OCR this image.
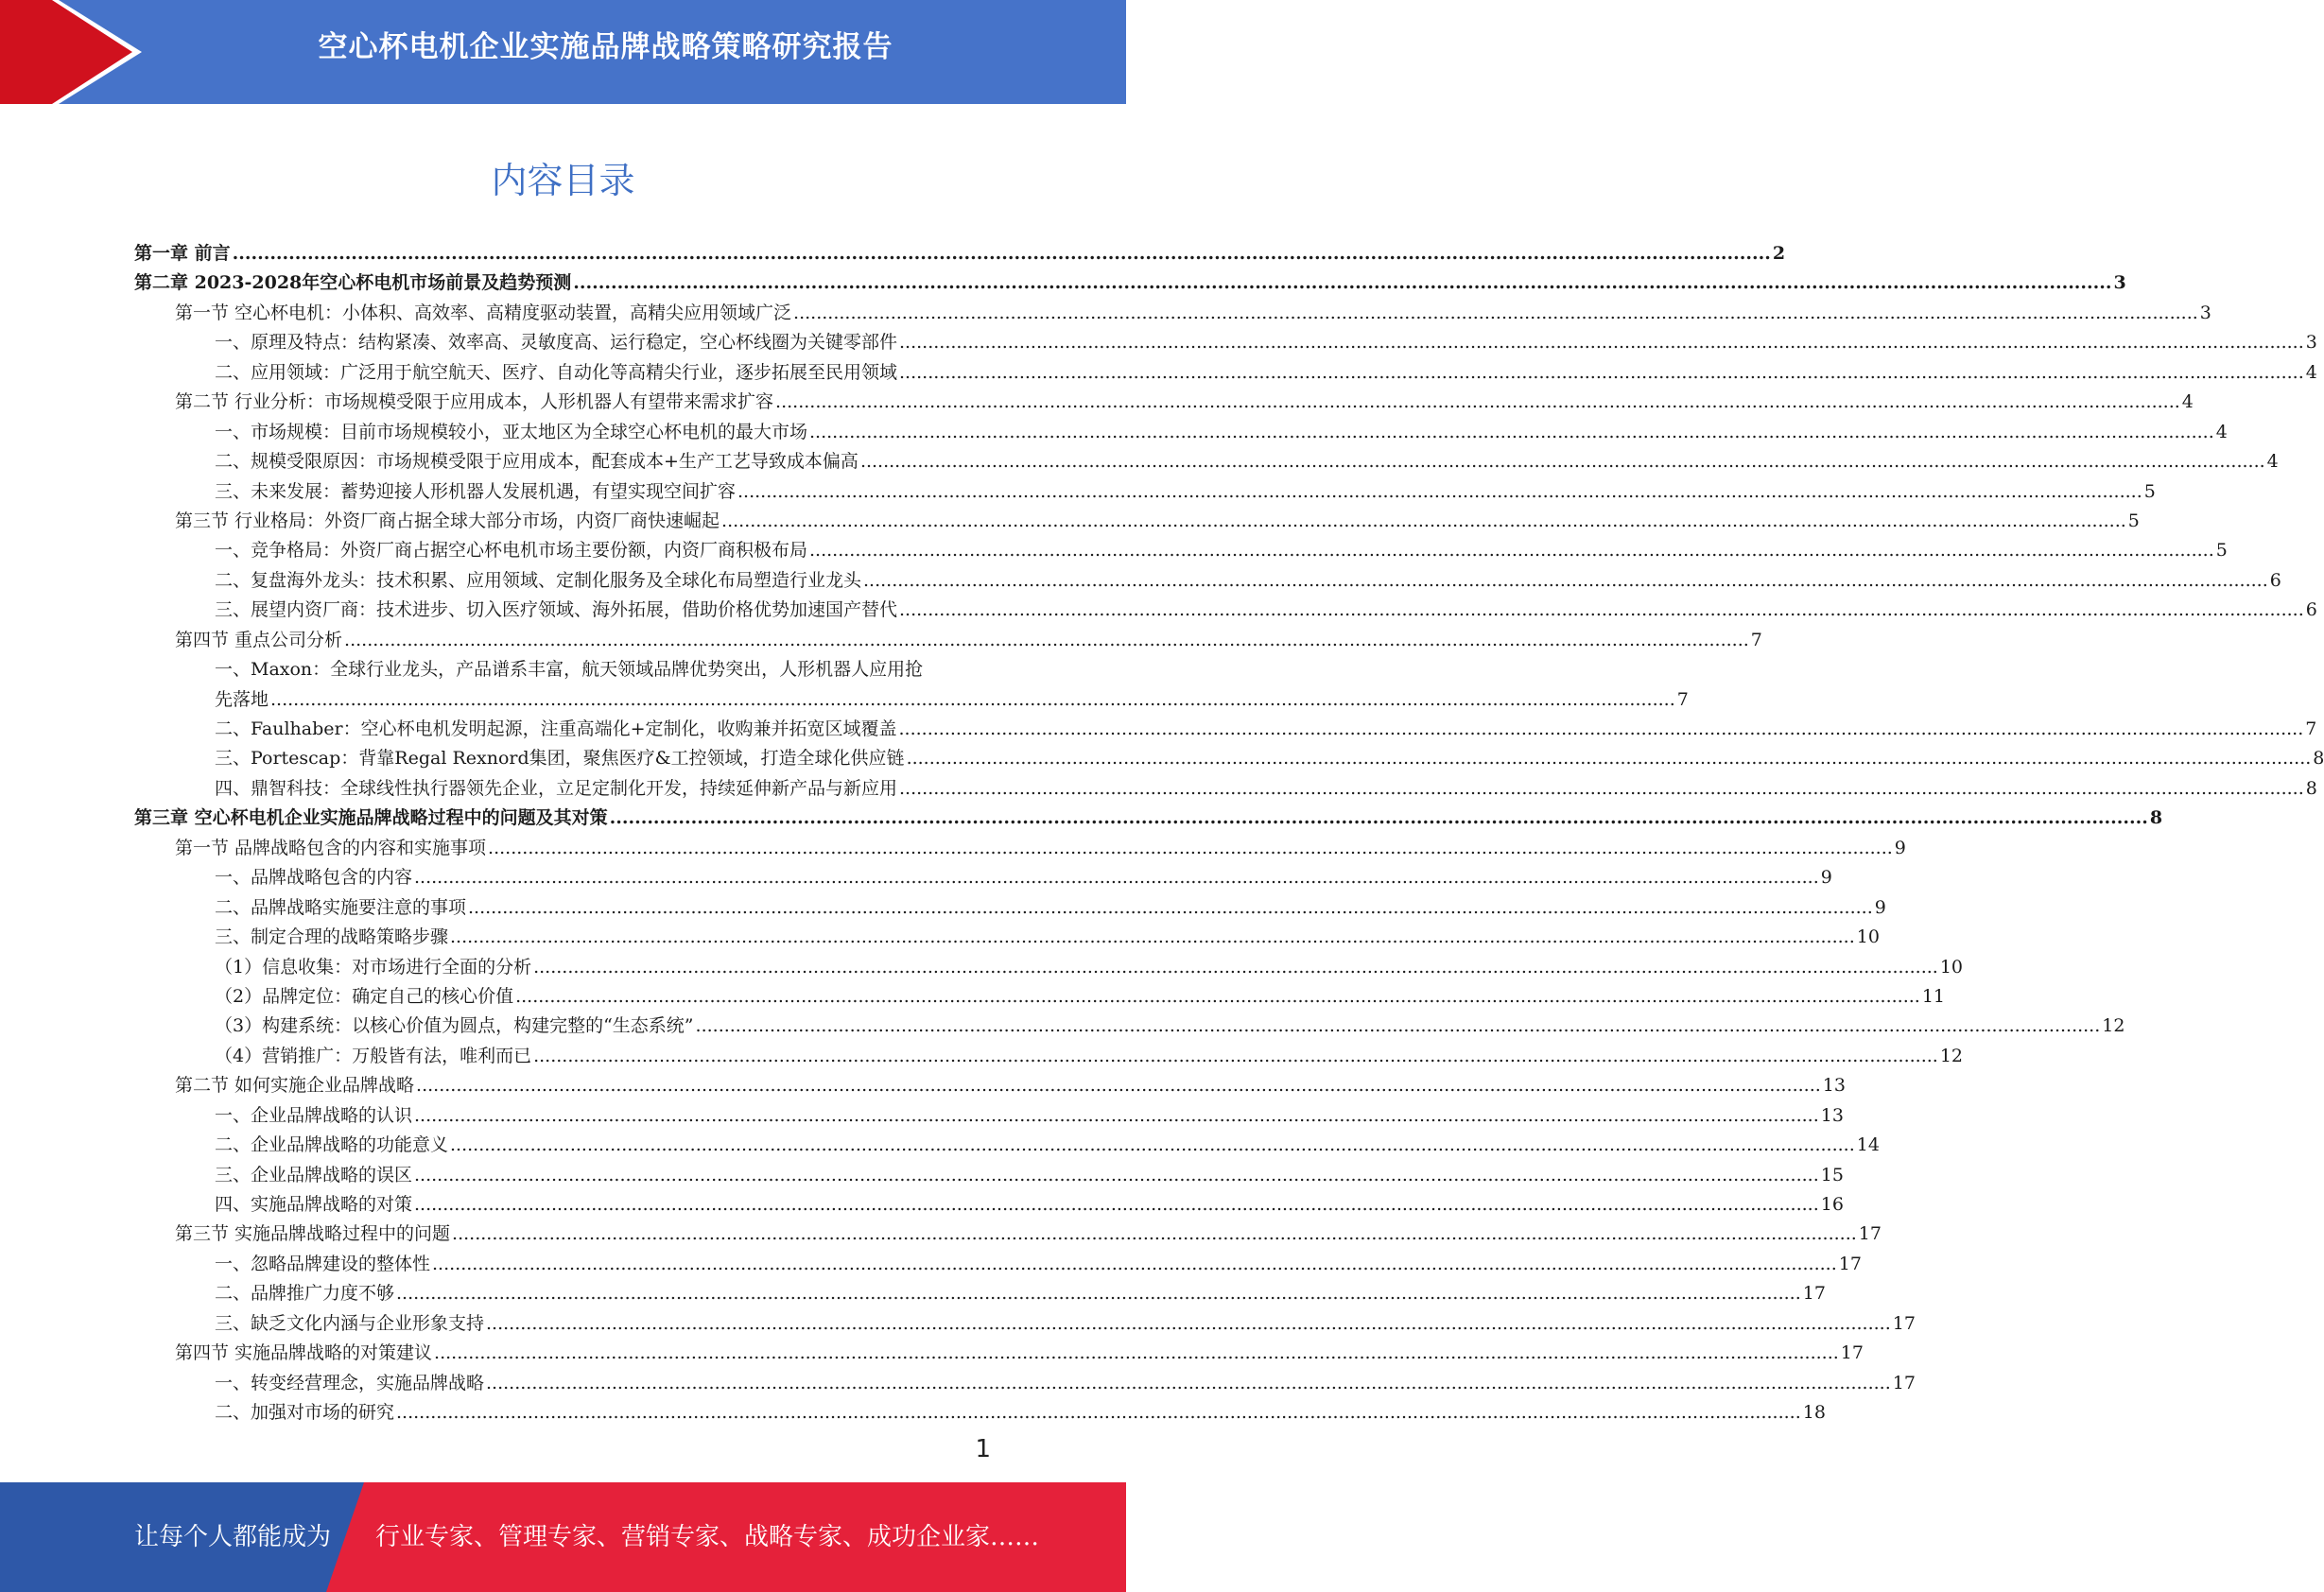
空心杯电机企业实施品牌战略策略研究报告
内容目录
第一章 前言 .....	2
第二章 2023-2028年空心杯电机市场前景及趋势预测 .....	3
第一节 空心杯电机：小体积、高效率、高精度驱动装置，高精尖应用领域广泛 .....	3
一、原理及特点：结构紧凑、效率高、灵敏度高、运行稳定，空心杯线圈为关键零部件 .....	3
二、应用领域：广泛用于航空航天、医疗、自动化等高精尖行业，逐步拓展至民用领域 .....	4
第二节 行业分析：市场规模受限于应用成本，人形机器人有望带来需求扩容 .....	4
一、市场规模：目前市场规模较小，亚太地区为全球空心杯电机的最大市场 .....	4
二、规模受限原因：市场规模受限于应用成本，配套成本+生产工艺导致成本偏高 .....	4
三、未来发展：蓄势迎接人形机器人发展机遇，有望实现空间扩容 .....	5
第三节 行业格局：外资厂商占据全球大部分市场，内资厂商快速崛起 .....	5
一、竞争格局：外资厂商占据空心杯电机市场主要份额，内资厂商积极布局 .....	5
二、复盘海外龙头：技术积累、应用领域、定制化服务及全球化布局塑造行业龙头 .....	6
三、展望内资厂商：技术进步、切入医疗领域、海外拓展，借助价格优势加速国产替代 .....	6
第四节 重点公司分析 .....	7
一、Maxon：全球行业龙头，产品谱系丰富，航天领域品牌优势突出，人形机器人应用抢
先落地 .....	7
二、Faulhaber：空心杯电机发明起源，注重高端化+定制化，收购兼并拓宽区域覆盖 .....	7
三、Portescap：背靠Regal Rexnord集团，聚焦医疗&工控领域，打造全球化供应链 .....	8
四、鼎智科技：全球线性执行器领先企业，立足定制化开发，持续延伸新产品与新应用 .....	8
第三章 空心杯电机企业实施品牌战略过程中的问题及其对策 .....	8
第一节 品牌战略包含的内容和实施事项 .....	9
一、品牌战略包含的内容 .....	9
二、品牌战略实施要注意的事项 .....	9
三、制定合理的战略策略步骤 .....	10
（1）信息收集：对市场进行全面的分析 .....	10
（2）品牌定位：确定自己的核心价值 .....	11
（3）构建系统：以核心价值为圆点，构建完整的“生态系统” .....	12
（4）营销推广：万般皆有法，唯利而已 .....	12
第二节 如何实施企业品牌战略 .....	13
一、企业品牌战略的认识 .....	13
二、企业品牌战略的功能意义 .....	14
三、企业品牌战略的误区 .....	15
四、实施品牌战略的对策 .....	16
第三节 实施品牌战略过程中的问题 .....	17
一、忽略品牌建设的整体性 .....	17
二、品牌推广力度不够 .....	17
三、缺乏文化内涵与企业形象支持 .....	17
第四节 实施品牌战略的对策建议 .....	17
一、转变经营理念，实施品牌战略 .....	17
二、加强对市场的研究 .....	18
1
让每个人都能成为 行业专家、管理专家、营销专家、战略专家、成功企业家……
